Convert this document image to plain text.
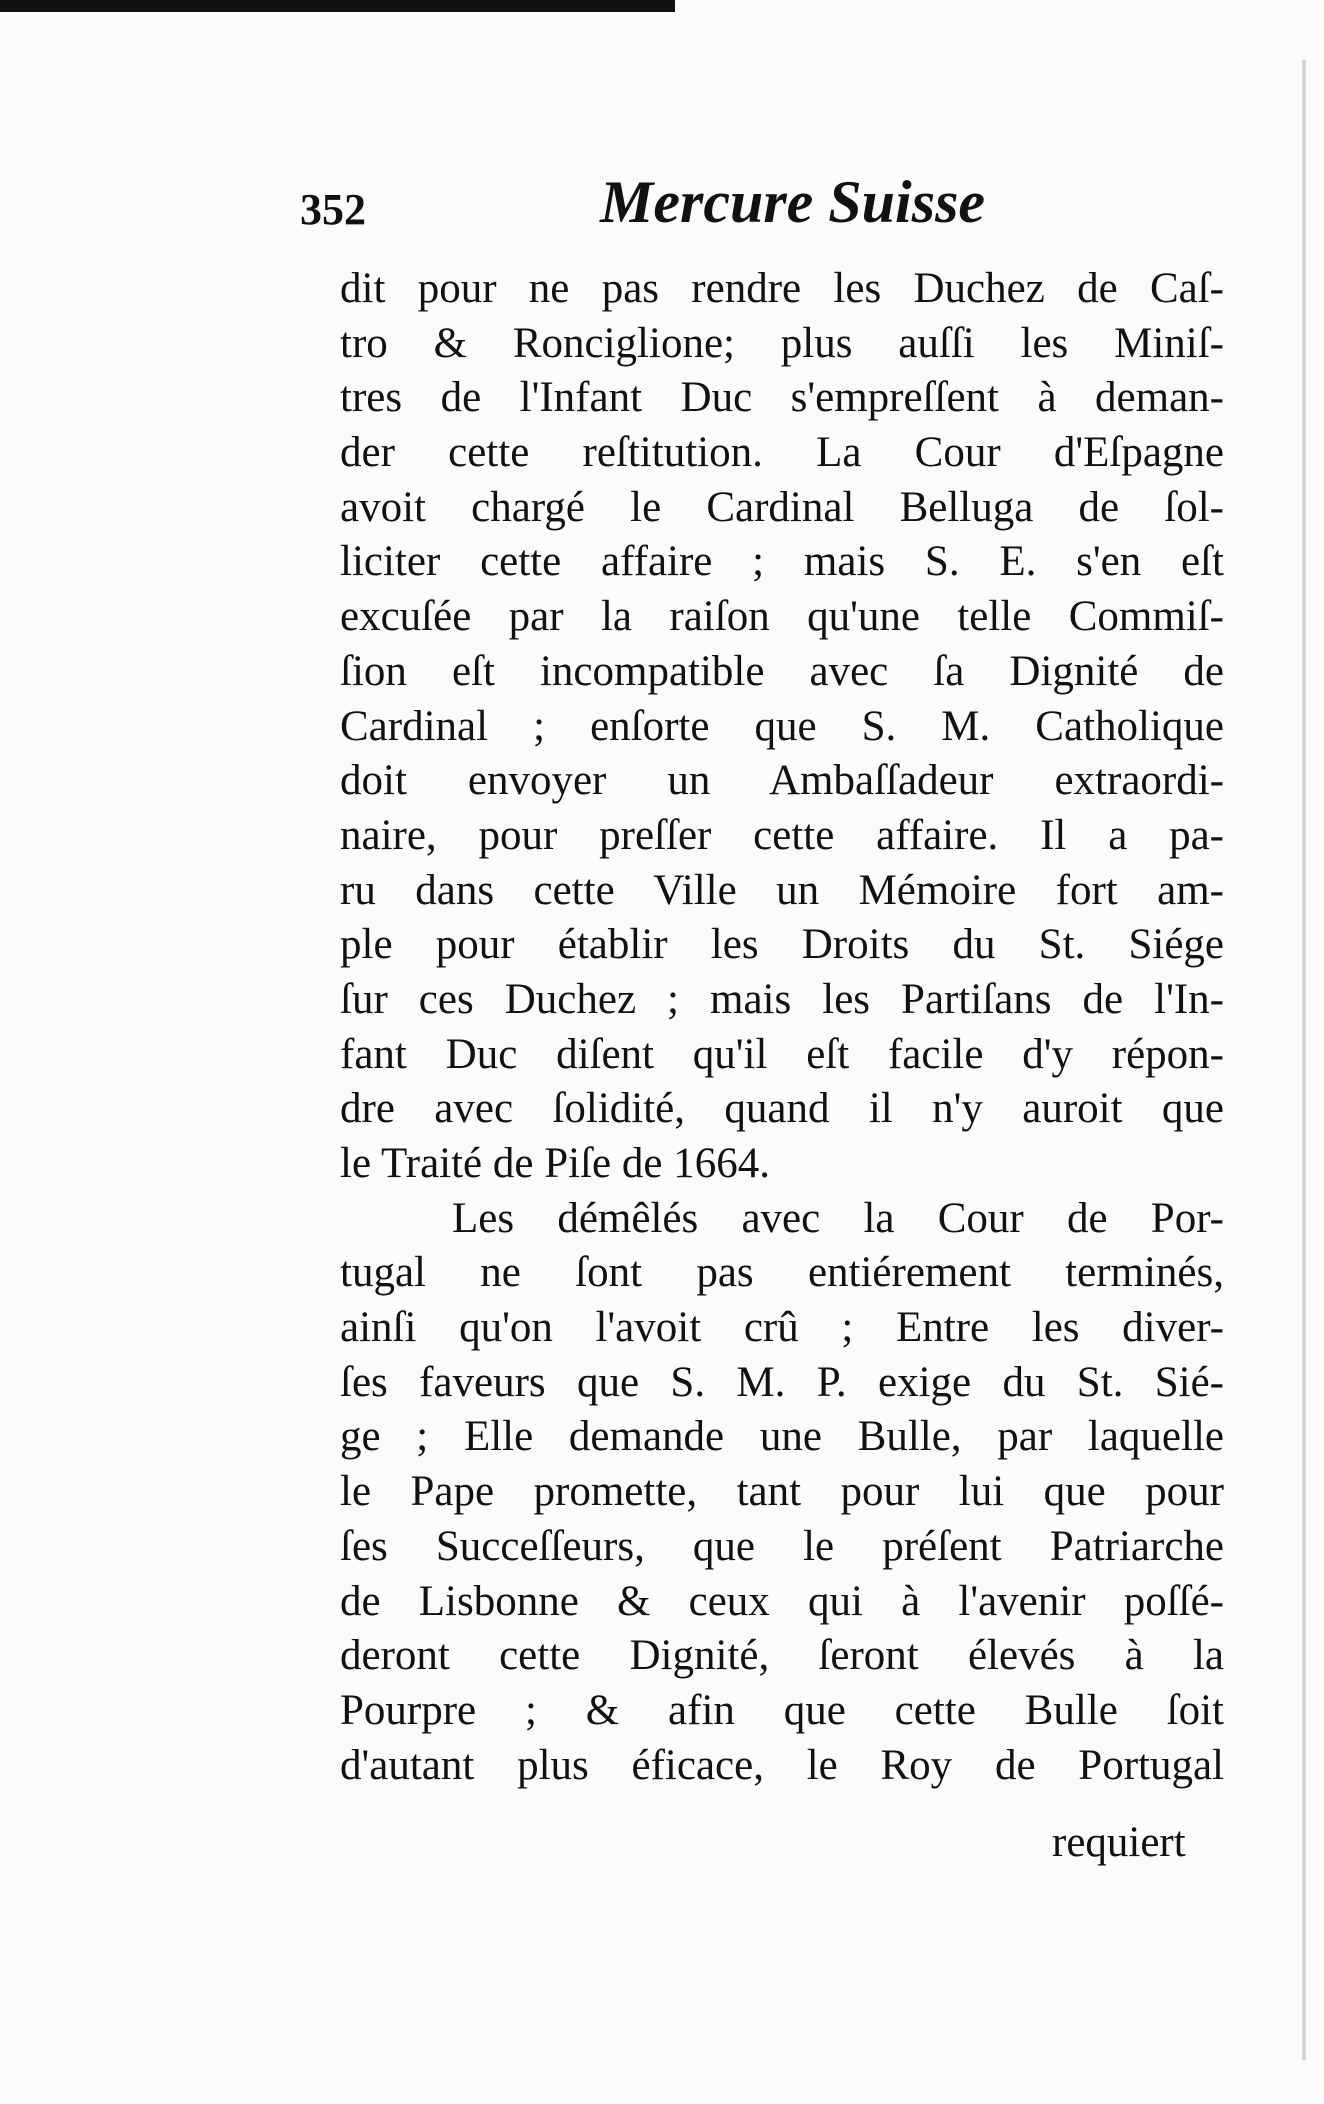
352	Mercure Suisse
dit pour ne pas rendre les Duchez de Caſ-
tro & Ronciglione; plus auſſi les Miniſ-
tres de l'Infant Duc s'empreſſent à deman-
der cette reſtitution. La Cour d'Eſpagne
avoit chargé le Cardinal Belluga de ſol-
liciter cette affaire ; mais S. E. s'en eſt
excuſée par la raiſon qu'une telle Commiſ-
ſion eſt incompatible avec ſa Dignité de
Cardinal ; enſorte que S. M. Catholique
doit envoyer un Ambaſſadeur extraordi-
naire, pour preſſer cette affaire. Il a pa-
ru dans cette Ville un Mémoire fort am-
ple pour établir les Droits du St. Siége
ſur ces Duchez ; mais les Partiſans de l'In-
fant Duc diſent qu'il eſt facile d'y répon-
dre avec ſolidité, quand il n'y auroit que
le Traité de Piſe de 1664.
Les démêlés avec la Cour de Por-
tugal ne ſont pas entiérement terminés,
ainſi qu'on l'avoit crû ; Entre les diver-
ſes faveurs que S. M. P. exige du St. Sié-
ge ; Elle demande une Bulle, par laquelle
le Pape promette, tant pour lui que pour
ſes Succeſſeurs, que le préſent Patriarche
de Lisbonne & ceux qui à l'avenir poſſé-
deront cette Dignité, ſeront élevés à la
Pourpre ; & afin que cette Bulle ſoit
d'autant plus éficace, le Roy de Portugal
requiert
